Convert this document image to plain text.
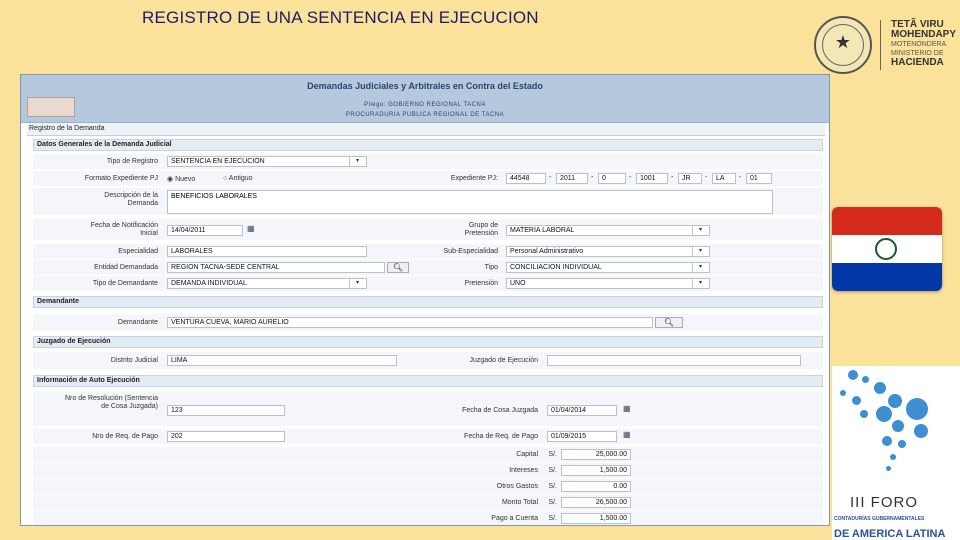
REGISTRO DE UNA SENTENCIA EN EJECUCION
★
TETÃ VIRU
MOHENDAPY
MOTENONDERA
MINISTERIO DE
HACIENDA
III FORO
CONTADURÍAS GUBERNAMENTALES
DE AMERICA LATINA
Demandas Judiciales y Arbitrales en Contra del Estado
Pliego: GOBIERNO REGIONAL TACNA
PROCURADURIA PUBLICA REGIONAL DE TACNA
Registro de la Demanda
Datos Generales de la Demanda Judicial
Tipo de Registro	SENTENCIA EN EJECUCIÓN	▾
Formato Expediente PJ ◉ Nuevo	○ Antiguo	Expediente PJ:	44548	-	2011	-	0	-	1001	-	JR	-	LA	-	01
Descripción de la Demanda
BENEFICIOS LABORALES
Fecha de Notificación Inicial	14/04/2011	▦	Grupo de Pretensión	MATERIA LABORAL	▾
Especialidad	LABORALES	Sub-Especialidad	Personal Administrativo	▾
Entidad Demandada	REGION TACNA-SEDE CENTRAL	🔍︎	Tipo	CONCILIACIÓN INDIVIDUAL	▾
Tipo de Demandante	DEMANDA INDIVIDUAL	▾	Pretensión	UNO	▾
Demandante
Demandante	VENTURA CUEVA, MARIO AURELIO	🔍︎
Juzgado de Ejecución
Distrito Judicial	LIMA	Juzgado de Ejecución
Información de Auto Ejecución
Nro de Resolución (Sentencia de Cosa Juzgada)
123	Fecha de Cosa Juzgada	01/04/2014	▦
Nro de Req. de Pago	202	Fecha de Req. de Pago	01/09/2015	▦
Capital	S/.	25,000.00
Intereses	S/.	1,500.00
Otros Gastos	S/.	0.00
Monto Total	S/.	26,500.00
Pago a Cuenta	S/.	1,500.00
